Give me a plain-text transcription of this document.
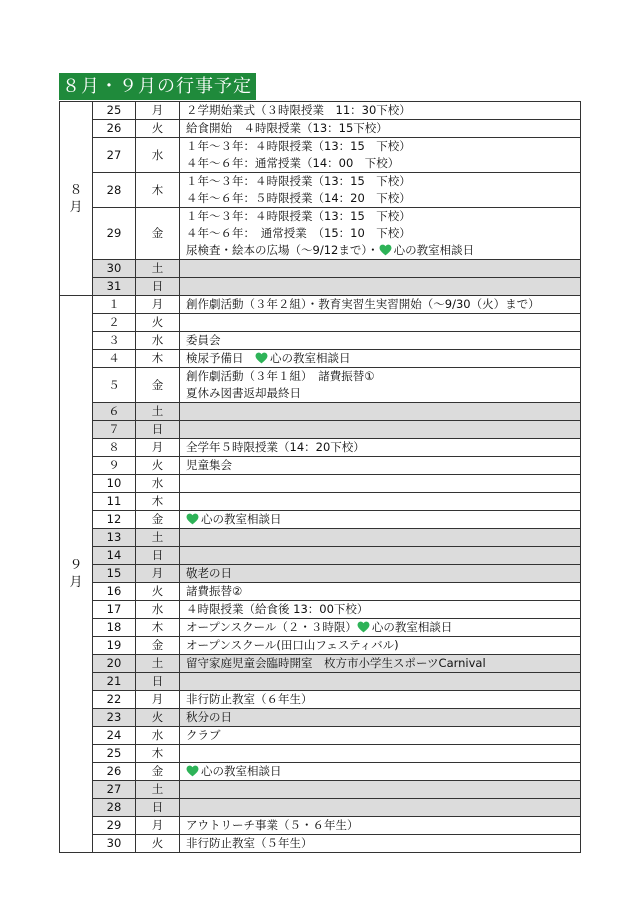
８月・９月の行事予定
８
月	25	月	２学期始業式（３時限授業　11：30下校）

	26	火	給食開始　４時限授業（13：15下校）

	27	水	１年～３年：４時限授業（13：15　下校）
４年～６年：通常授業（14：00　下校）

	28	木	１年～３年：４時限授業（13：15　下校）
４年～６年：５時限授業（14：20　下校）

	29	金	１年～３年：４時限授業（13：15　下校）
４年～６年：　通常授業　（15：10　下校）
尿検査・絵本の広場（～9/12まで）・ 心の教室相談日

	30	土	
	31	日	

９
月	１	月	創作劇活動（３年２組）・教育実習生実習開始（～9/30（火）まで）

	２	火	
	３	水	委員会

	４	木	検尿予備日　心の教室相談日

	５	金	創作劇活動（３年１組）　諸費振替①
夏休み図書返却最終日

	６	土	
	７	日	
	８	月	全学年５時限授業（14：20下校）

	９	火	児童集会

	10	水	
	11	木	
	12	金	心の教室相談日

	13	土	
	14	日	
	15	月	敬老の日

	16	火	諸費振替②

	17	水	４時限授業（給食後 13：00下校）

	18	木	オープンスクール（２・３時限） 心の教室相談日

	19	金	オープンスクール(田口山フェスティバル)

	20	土	留守家庭児童会臨時開室　枚方市小学生スポーツCarnival

	21	日	
	22	月	非行防止教室（６年生）

	23	火	秋分の日

	24	水	クラブ

	25	木	
	26	金	心の教室相談日

	27	土	
	28	日	
	29	月	アウトリーチ事業（５・６年生）

	30	火	非行防止教室（５年生）
